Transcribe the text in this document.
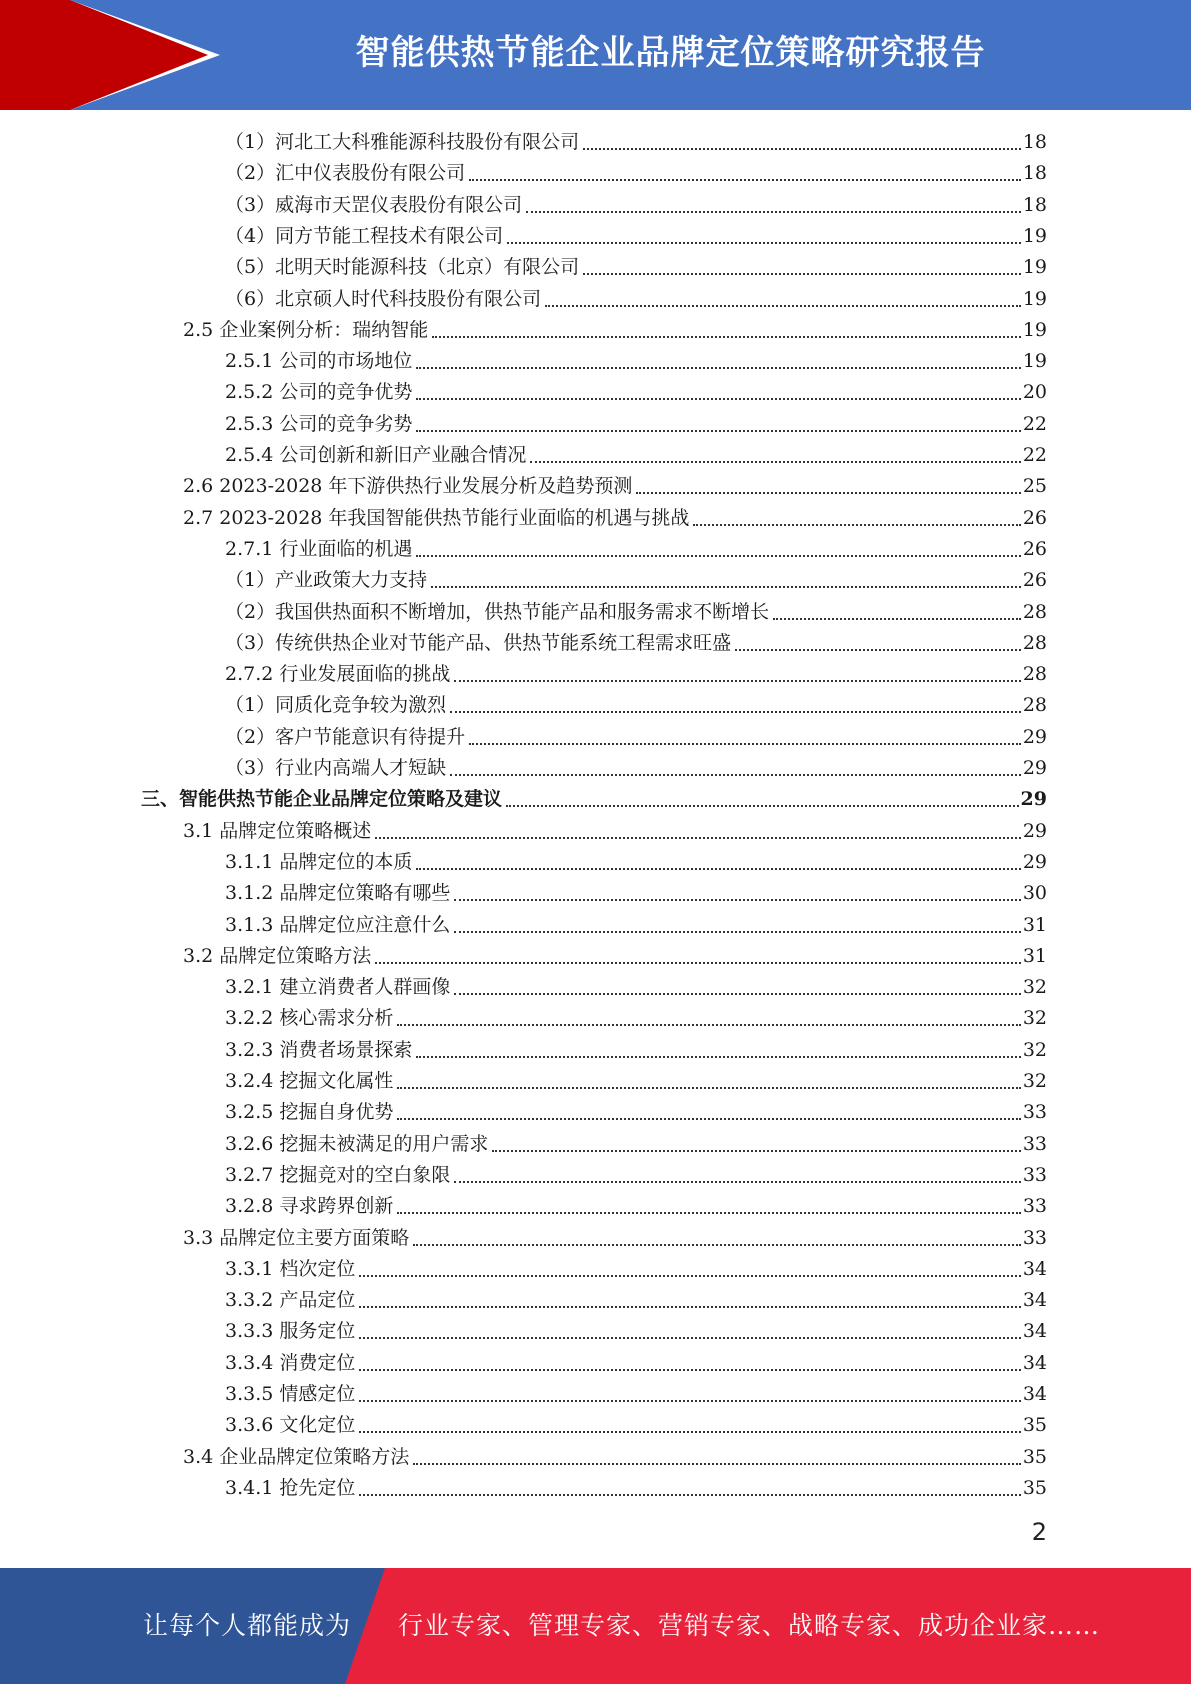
智能供热节能企业品牌定位策略研究报告
（1）河北工大科雅能源科技股份有限公司	18
（2）汇中仪表股份有限公司	18
（3）威海市天罡仪表股份有限公司	18
（4）同方节能工程技术有限公司	19
（5）北明天时能源科技（北京）有限公司	19
（6）北京硕人时代科技股份有限公司	19
2.5 企业案例分析：瑞纳智能	19
2.5.1 公司的市场地位	19
2.5.2 公司的竞争优势	20
2.5.3 公司的竞争劣势	22
2.5.4 公司创新和新旧产业融合情况	22
2.6 2023-2028 年下游供热行业发展分析及趋势预测	25
2.7 2023-2028 年我国智能供热节能行业面临的机遇与挑战	26
2.7.1 行业面临的机遇	26
（1）产业政策大力支持	26
（2）我国供热面积不断增加，供热节能产品和服务需求不断增长	28
（3）传统供热企业对节能产品、供热节能系统工程需求旺盛	28
2.7.2 行业发展面临的挑战	28
（1）同质化竞争较为激烈	28
（2）客户节能意识有待提升	29
（3）行业内高端人才短缺	29
三、智能供热节能企业品牌定位策略及建议	29
3.1 品牌定位策略概述	29
3.1.1 品牌定位的本质	29
3.1.2 品牌定位策略有哪些	30
3.1.3 品牌定位应注意什么	31
3.2 品牌定位策略方法	31
3.2.1 建立消费者人群画像	32
3.2.2 核心需求分析	32
3.2.3 消费者场景探索	32
3.2.4 挖掘文化属性	32
3.2.5 挖掘自身优势	33
3.2.6 挖掘未被满足的用户需求	33
3.2.7 挖掘竞对的空白象限	33
3.2.8 寻求跨界创新	33
3.3 品牌定位主要方面策略	33
3.3.1 档次定位	34
3.3.2 产品定位	34
3.3.3 服务定位	34
3.3.4 消费定位	34
3.3.5 情感定位	34
3.3.6 文化定位	35
3.4 企业品牌定位策略方法	35
3.4.1 抢先定位	35
2
让每个人都能成为 行业专家、管理专家、营销专家、战略专家、成功企业家……
